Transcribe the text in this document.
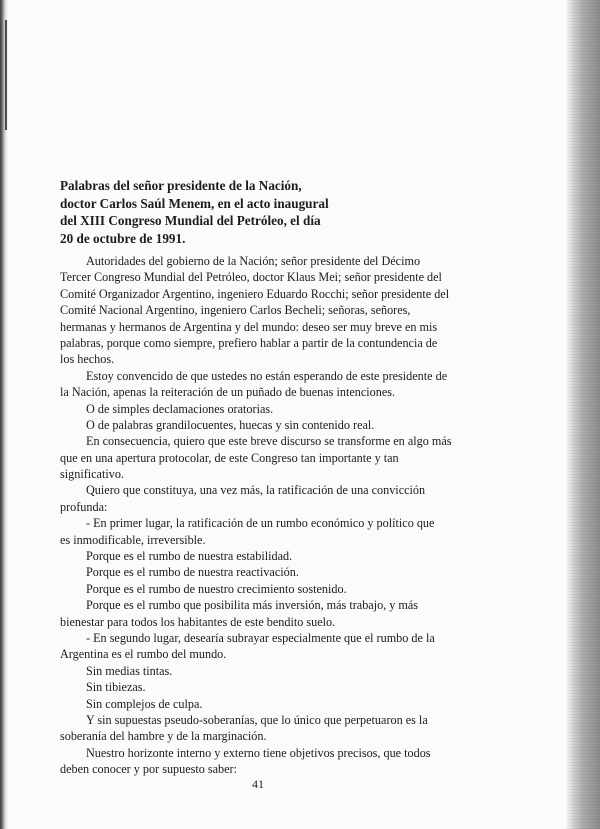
Palabras del señor presidente de la Nación,
doctor Carlos Saúl Menem, en el acto inaugural
del XIII Congreso Mundial del Petróleo, el día
20 de octubre de 1991.
Autoridades del gobierno de la Nación; señor presidente del Décimo
Tercer Congreso Mundial del Petróleo, doctor Klaus Mei; señor presidente del
Comité Organizador Argentino, ingeniero Eduardo Rocchi; señor presidente del
Comité Nacional Argentino, ingeniero Carlos Becheli; señoras, señores,
hermanas y hermanos de Argentina y del mundo: deseo ser muy breve en mis
palabras, porque como siempre, prefiero hablar a partir de la contundencia de
los hechos.
Estoy convencido de que ustedes no están esperando de este presidente de
la Nación, apenas la reiteración de un puñado de buenas intenciones.
O de simples declamaciones oratorias.
O de palabras grandilocuentes, huecas y sin contenido real.
En consecuencia, quiero que este breve discurso se transforme en algo más
que en una apertura protocolar, de este Congreso tan importante y tan
significativo.
Quiero que constituya, una vez más, la ratificación de una convicción
profunda:
- En primer lugar, la ratificación de un rumbo económico y político que
es inmodificable, irreversible.
Porque es el rumbo de nuestra estabilidad.
Porque es el rumbo de nuestra reactivación.
Porque es el rumbo de nuestro crecimiento sostenido.
Porque es el rumbo que posibilita más inversión, más trabajo, y más
bienestar para todos los habitantes de este bendito suelo.
- En segundo lugar, desearía subrayar especialmente que el rumbo de la
Argentina es el rumbo del mundo.
Sin medias tintas.
Sin tibiezas.
Sin complejos de culpa.
Y sin supuestas pseudo-soberanías, que lo único que perpetuaron es la
soberanía del hambre y de la marginación.
Nuestro horizonte interno y externo tiene objetivos precisos, que todos
deben conocer y por supuesto saber:
41
